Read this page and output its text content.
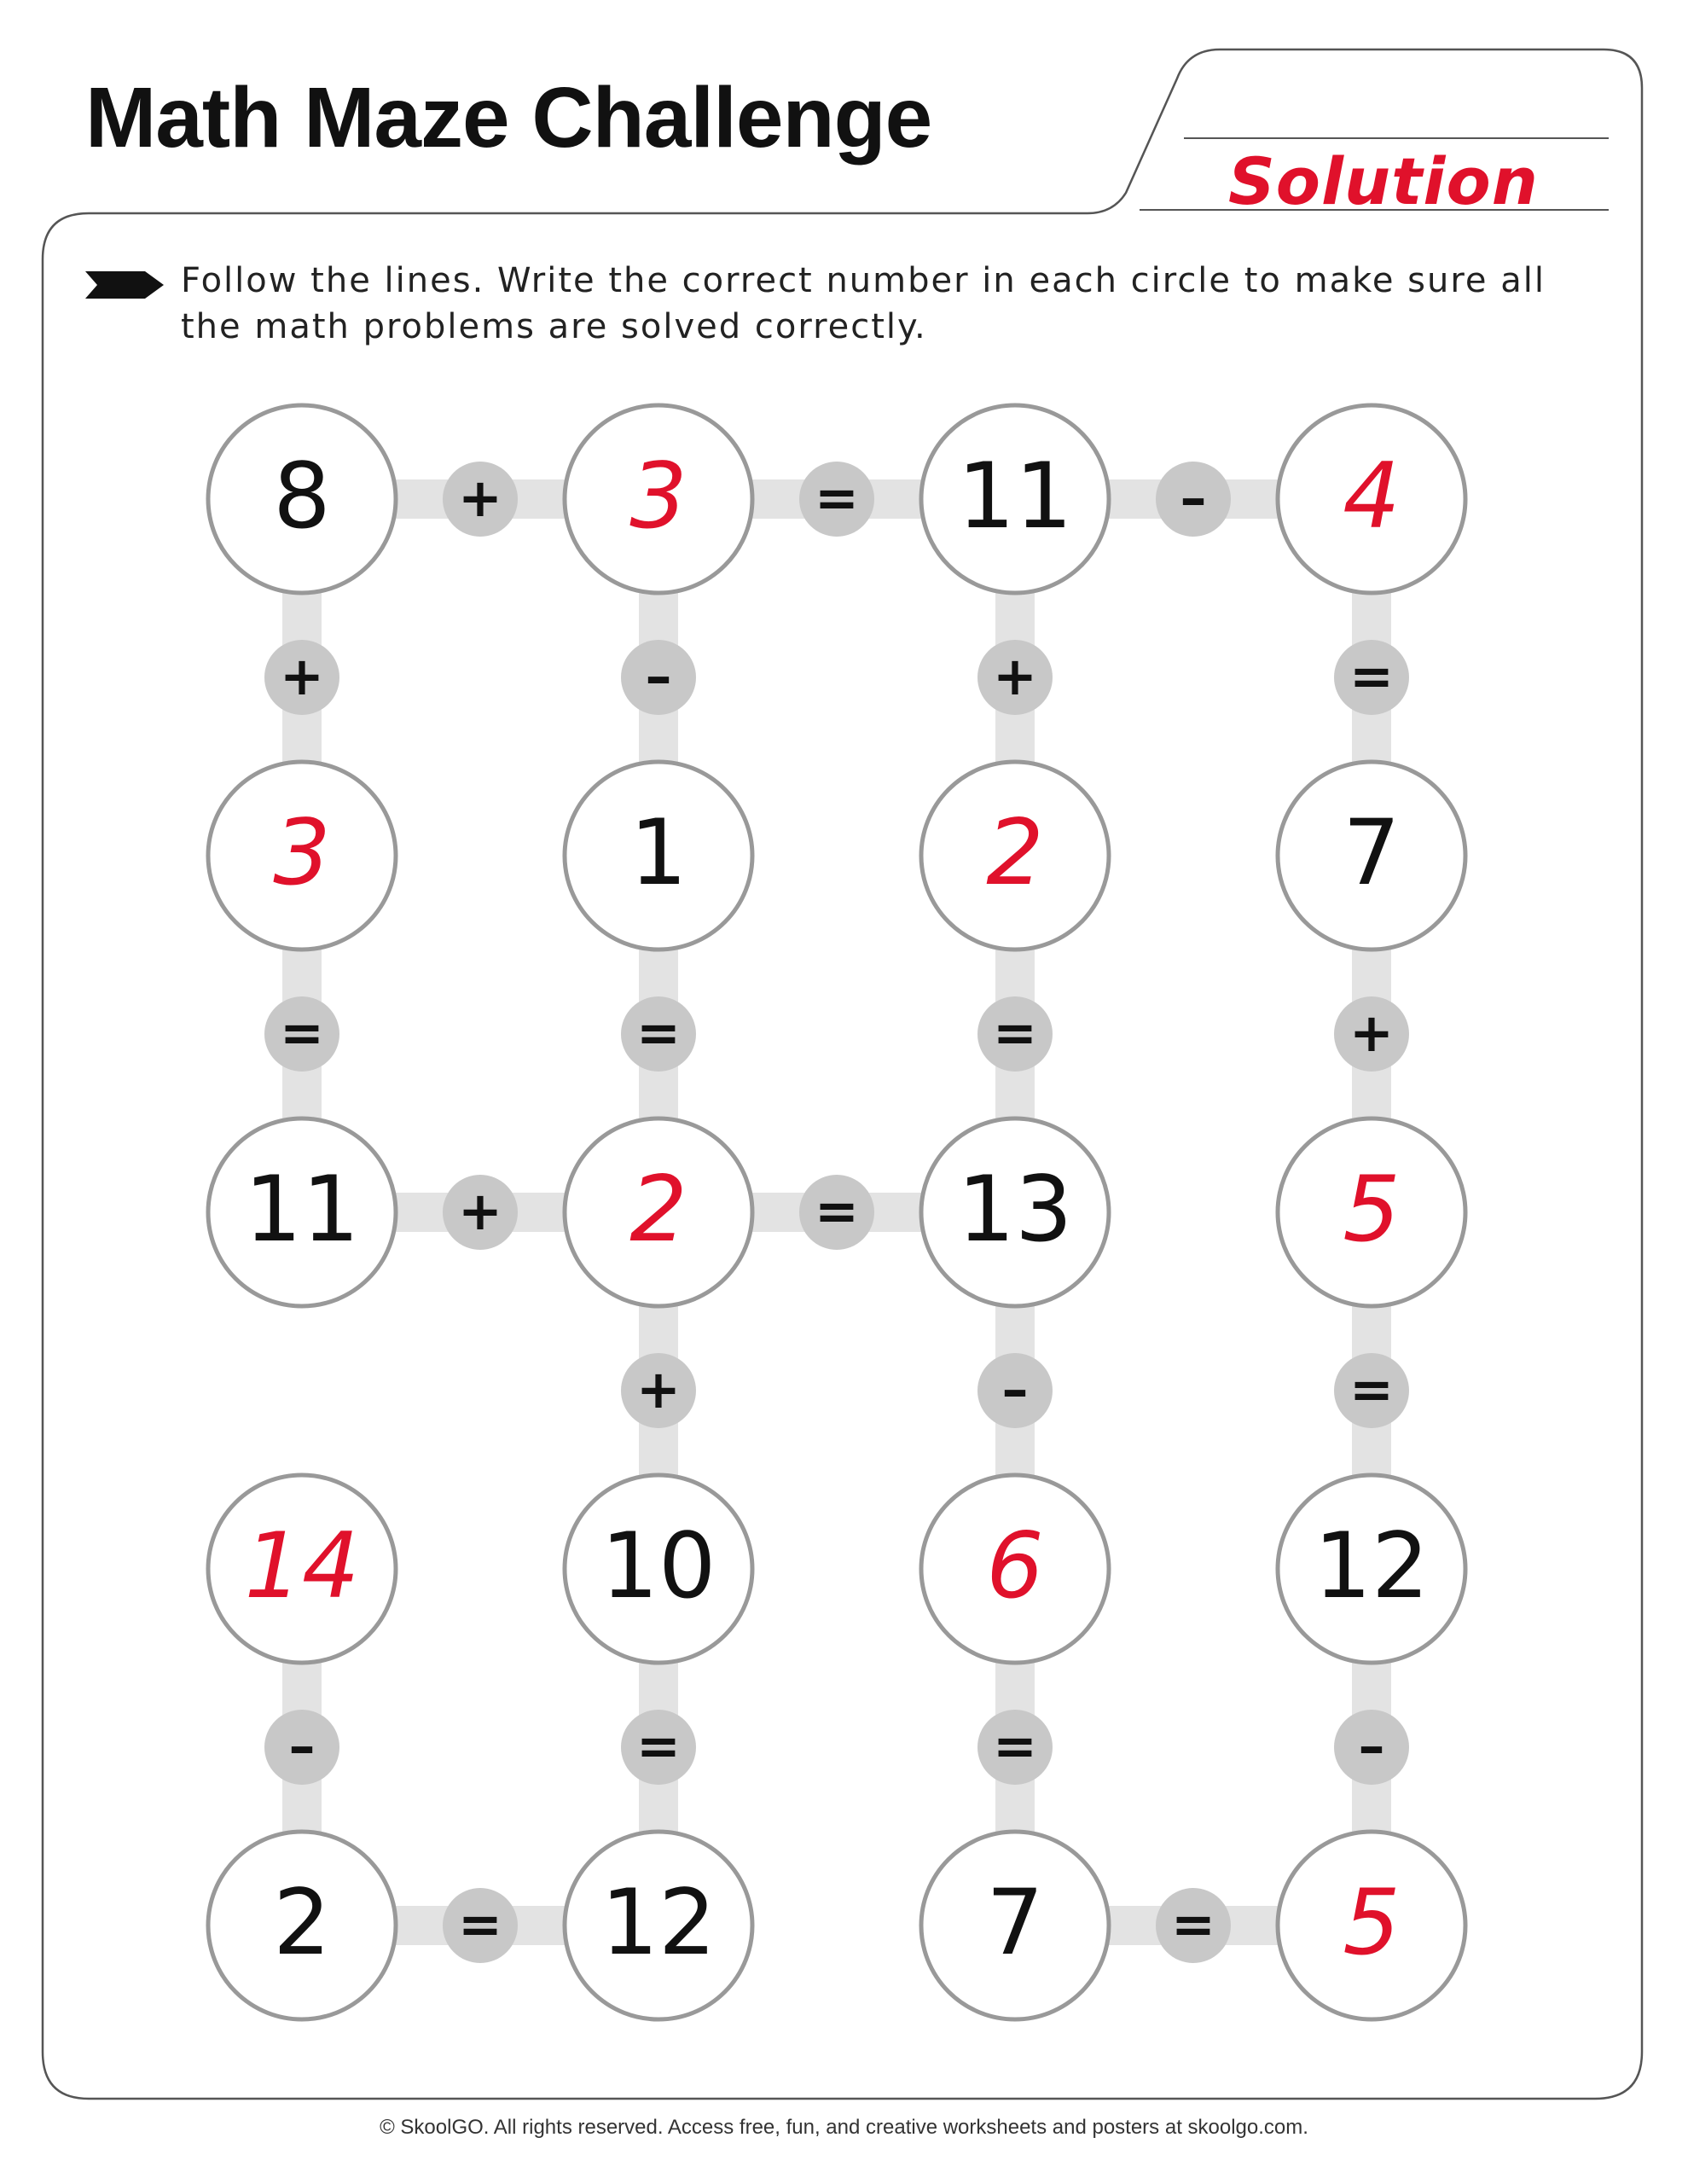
Math Maze Challenge
Solution

Follow the lines. Write the correct number in each circle to make sure all the math problems are solved correctly.

+	=	–
+	–	+	=
=	=	=	+
+	=
+	–	=
–	=	=	–
=	=
8	3	11	4
3	1	2	7
11	2	13	5
14	10	6	12
2	12	7	5
© SkoolGO. All rights reserved. Access free, fun, and creative worksheets and posters at skoolgo.com.
